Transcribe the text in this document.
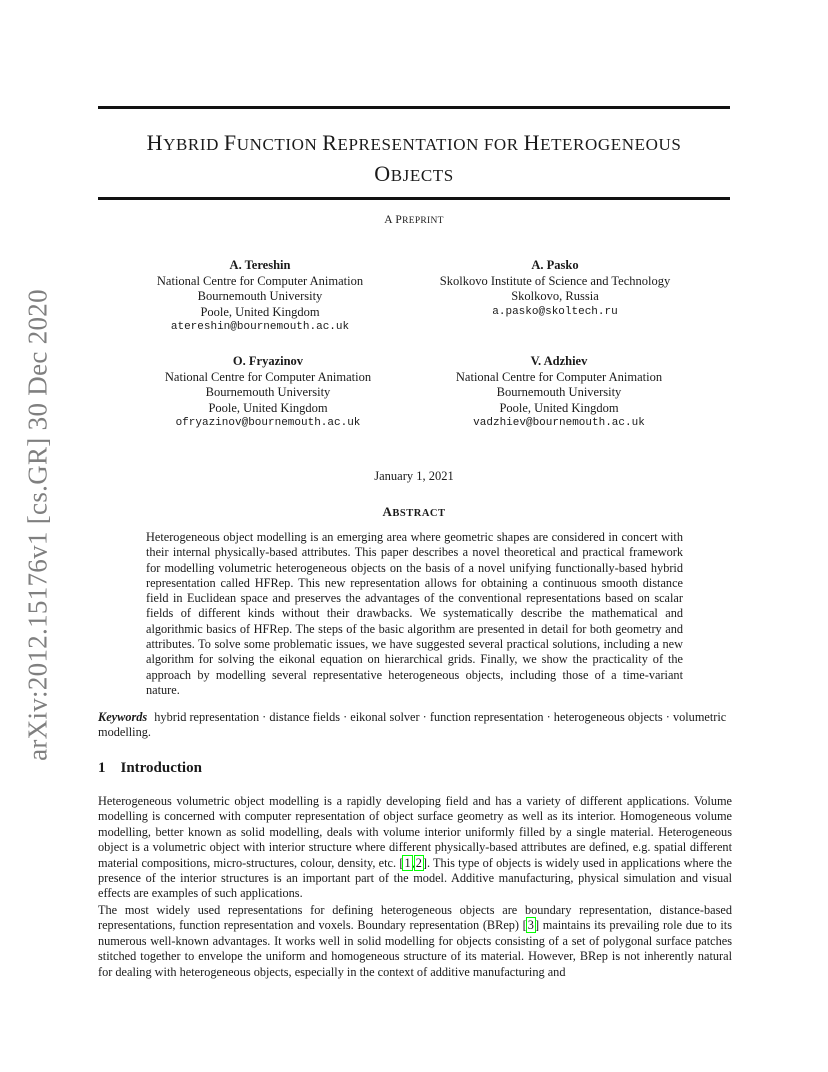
arXiv:2012.15176v1 [cs.GR] 30 Dec 2020
HYBRID FUNCTION REPRESENTATION FOR HETEROGENEOUS
OBJECTS
A PREPRINT
A. Tereshin
National Centre for Computer Animation
Bournemouth University
Poole, United Kingdom
atereshin@bournemouth.ac.uk
A. Pasko
Skolkovo Institute of Science and Technology
Skolkovo, Russia
a.pasko@skoltech.ru
O. Fryazinov
National Centre for Computer Animation
Bournemouth University
Poole, United Kingdom
ofryazinov@bournemouth.ac.uk
V. Adzhiev
National Centre for Computer Animation
Bournemouth University
Poole, United Kingdom
vadzhiev@bournemouth.ac.uk
January 1, 2021
ABSTRACT
Heterogeneous object modelling is an emerging area where geometric shapes are considered in concert with their internal physically-based attributes. This paper describes a novel theoretical and practical framework for modelling volumetric heterogeneous objects on the basis of a novel unifying functionally-based hybrid representation called HFRep. This new representation allows for obtaining a continuous smooth distance field in Euclidean space and preserves the advantages of the conventional representations based on scalar fields of different kinds without their drawbacks. We systematically describe the mathematical and algorithmic basics of HFRep. The steps of the basic algorithm are presented in detail for both geometry and attributes. To solve some problematic issues, we have suggested several practical solutions, including a new algorithm for solving the eikonal equation on hierarchical grids. Finally, we show the practicality of the approach by modelling several representative heterogeneous objects, including those of a time-variant nature.
Keywords hybrid representation · distance fields · eikonal solver · function representation · heterogeneous objects · volumetric modelling.
1 Introduction
Heterogeneous volumetric object modelling is a rapidly developing field and has a variety of different applications. Volume modelling is concerned with computer representation of object surface geometry as well as its interior. Homogeneous volume modelling, better known as solid modelling, deals with volume interior uniformly filled by a single material. Heterogeneous object is a volumetric object with interior structure where different physically-based attributes are defined, e.g. spatial different material compositions, micro-structures, colour, density, etc. [1,2]. This type of objects is widely used in applications where the presence of the interior structures is an important part of the model. Additive manufacturing, physical simulation and visual effects are examples of such applications.
The most widely used representations for defining heterogeneous objects are boundary representation, distance-based representations, function representation and voxels. Boundary representation (BRep) [3] maintains its prevailing role due to its numerous well-known advantages. It works well in solid modelling for objects consisting of a set of polygonal surface patches stitched together to envelope the uniform and homogeneous structure of its material. However, BRep is not inherently natural for dealing with heterogeneous objects, especially in the context of additive manufacturing and
